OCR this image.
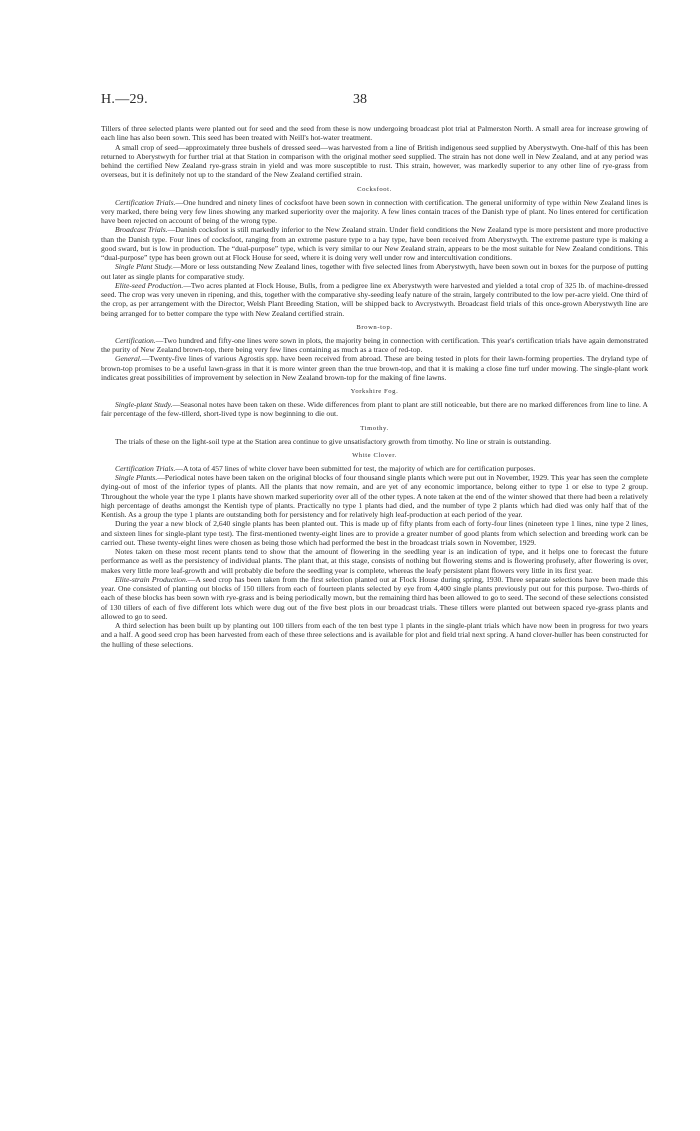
H.—29.	38

Tillers of three selected plants were planted out for seed and the seed from these is now undergoing broadcast plot trial at Palmerston North. A small area for increase growing of each line has also been sown. This seed has been treated with Neill's hot-water treatment.

A small crop of seed—approximately three bushels of dressed seed—was harvested from a line of British indigenous seed supplied by Aberystwyth. One-half of this has been returned to Aberystwyth for further trial at that Station in comparison with the original mother seed supplied. The strain has not done well in New Zealand, and at any period was behind the certified New Zealand rye-grass strain in yield and was more susceptible to rust. This strain, however, was markedly superior to any other line of rye-grass from overseas, but it is definitely not up to the standard of the New Zealand certified strain.

Cocksfoot.

Certification Trials.—One hundred and ninety lines of cocksfoot have been sown in connection with certification. The general uniformity of type within New Zealand lines is very marked, there being very few lines showing any marked superiority over the majority. A few lines contain traces of the Danish type of plant. No lines entered for certification have been rejected on account of being of the wrong type.

Broadcast Trials.—Danish cocksfoot is still markedly inferior to the New Zealand strain. Under field conditions the New Zealand type is more persistent and more productive than the Danish type. Four lines of cocksfoot, ranging from an extreme pasture type to a hay type, have been received from Aberystwyth. The extreme pasture type is making a good sward, but is low in production. The “dual-purpose” type, which is very similar to our New Zealand strain, appears to be the most suitable for New Zealand conditions. This “dual-purpose” type has been grown out at Flock House for seed, where it is doing very well under row and intercultivation conditions.

Single Plant Study.—More or less outstanding New Zealand lines, together with five selected lines from Aberystwyth, have been sown out in boxes for the purpose of putting out later as single plants for comparative study.

Elite-seed Production.—Two acres planted at Flock House, Bulls, from a pedigree line ex Aberystwyth were harvested and yielded a total crop of 325 lb. of machine-dressed seed. The crop was very uneven in ripening, and this, together with the comparative shy-seeding leafy nature of the strain, largely contributed to the low per-acre yield. One third of the crop, as per arrangement with the Director, Welsh Plant Breeding Station, will be shipped back to Avcrystwyth. Broadcast field trials of this once-grown Aberystwyth line are being arranged for to better compare the type with New Zealand certified strain.

Brown-top.

Certification.—Two hundred and fifty-one lines were sown in plots, the majority being in connection with certification. This year's certification trials have again demonstrated the purity of New Zealand brown-top, there being very few lines containing as much as a trace of red-top.

General.—Twenty-five lines of various Agrostis spp. have been received from abroad. These are being tested in plots for their lawn-forming properties. The dryland type of brown-top promises to be a useful lawn-grass in that it is more winter green than the true brown-top, and that it is making a close fine turf under mowing. The single-plant work indicates great possibilities of improvement by selection in New Zealand brown-top for the making of fine lawns.

Yorkshire Fog.

Single-plant Study.—Seasonal notes have been taken on these. Wide differences from plant to plant are still noticeable, but there are no marked differences from line to line. A fair percentage of the few-tillerd, short-lived type is now beginning to die out.

Timothy.

The trials of these on the light-soil type at the Station area continue to give unsatisfactory growth from timothy. No line or strain is outstanding.

White Clover.

Certification Trials.—A tota of 457 lines of white clover have been submitted for test, the majority of which are for certification purposes.

Single Plants.—Periodical notes have been taken on the original blocks of four thousand single plants which were put out in November, 1929. This year has seen the complete dying-out of most of the inferior types of plants. All the plants that now remain, and are yet of any economic importance, belong either to type 1 or else to type 2 group. Throughout the whole year the type 1 plants have shown marked superiority over all of the other types. A note taken at the end of the winter showed that there had been a relatively high percentage of deaths amongst the Kentish type of plants. Practically no type 1 plants had died, and the number of type 2 plants which had died was only half that of the Kentish. As a group the type 1 plants are outstanding both for persistency and for relatively high leaf-production at each period of the year.

During the year a new block of 2,640 single plants has been planted out. This is made up of fifty plants from each of forty-four lines (nineteen type 1 lines, nine type 2 lines, and sixteen lines for single-plant type test). The first-mentioned twenty-eight lines are to provide a greater number of good plants from which selection and breeding work can be carried out. These twenty-eight lines were chosen as being those which had performed the best in the broadcast trials sown in November, 1929.

Notes taken on these most recent plants tend to show that the amount of flowering in the seedling year is an indication of type, and it helps one to forecast the future performance as well as the persistency of individual plants. The plant that, at this stage, consists of nothing but flowering stems and is flowering profusely, after flowering is over, makes very little more leaf-growth and will probably die before the seedling year is complete, whereas the leafy persistent plant flowers very little in its first year.

Elite-strain Production.—A seed crop has been taken from the first selection planted out at Flock House during spring, 1930. Three separate selections have been made this year. One consisted of planting out blocks of 150 tillers from each of fourteen plants selected by eye from 4,400 single plants previously put out for this purpose. Two-thirds of each of these blocks has been sown with rye-grass and is being periodically mown, but the remaining third has been allowed to go to seed. The second of these selections consisted of 130 tillers of each of five different lots which were dug out of the five best plots in our broadcast trials. These tillers were planted out between spaced rye-grass plants and allowed to go to seed.

A third selection has been built up by planting out 100 tillers from each of the ten best type 1 plants in the single-plant trials which have now been in progress for two years and a half. A good seed crop has been harvested from each of these three selections and is available for plot and field trial next spring. A hand clover-huller has been constructed for the hulling of these selections.
